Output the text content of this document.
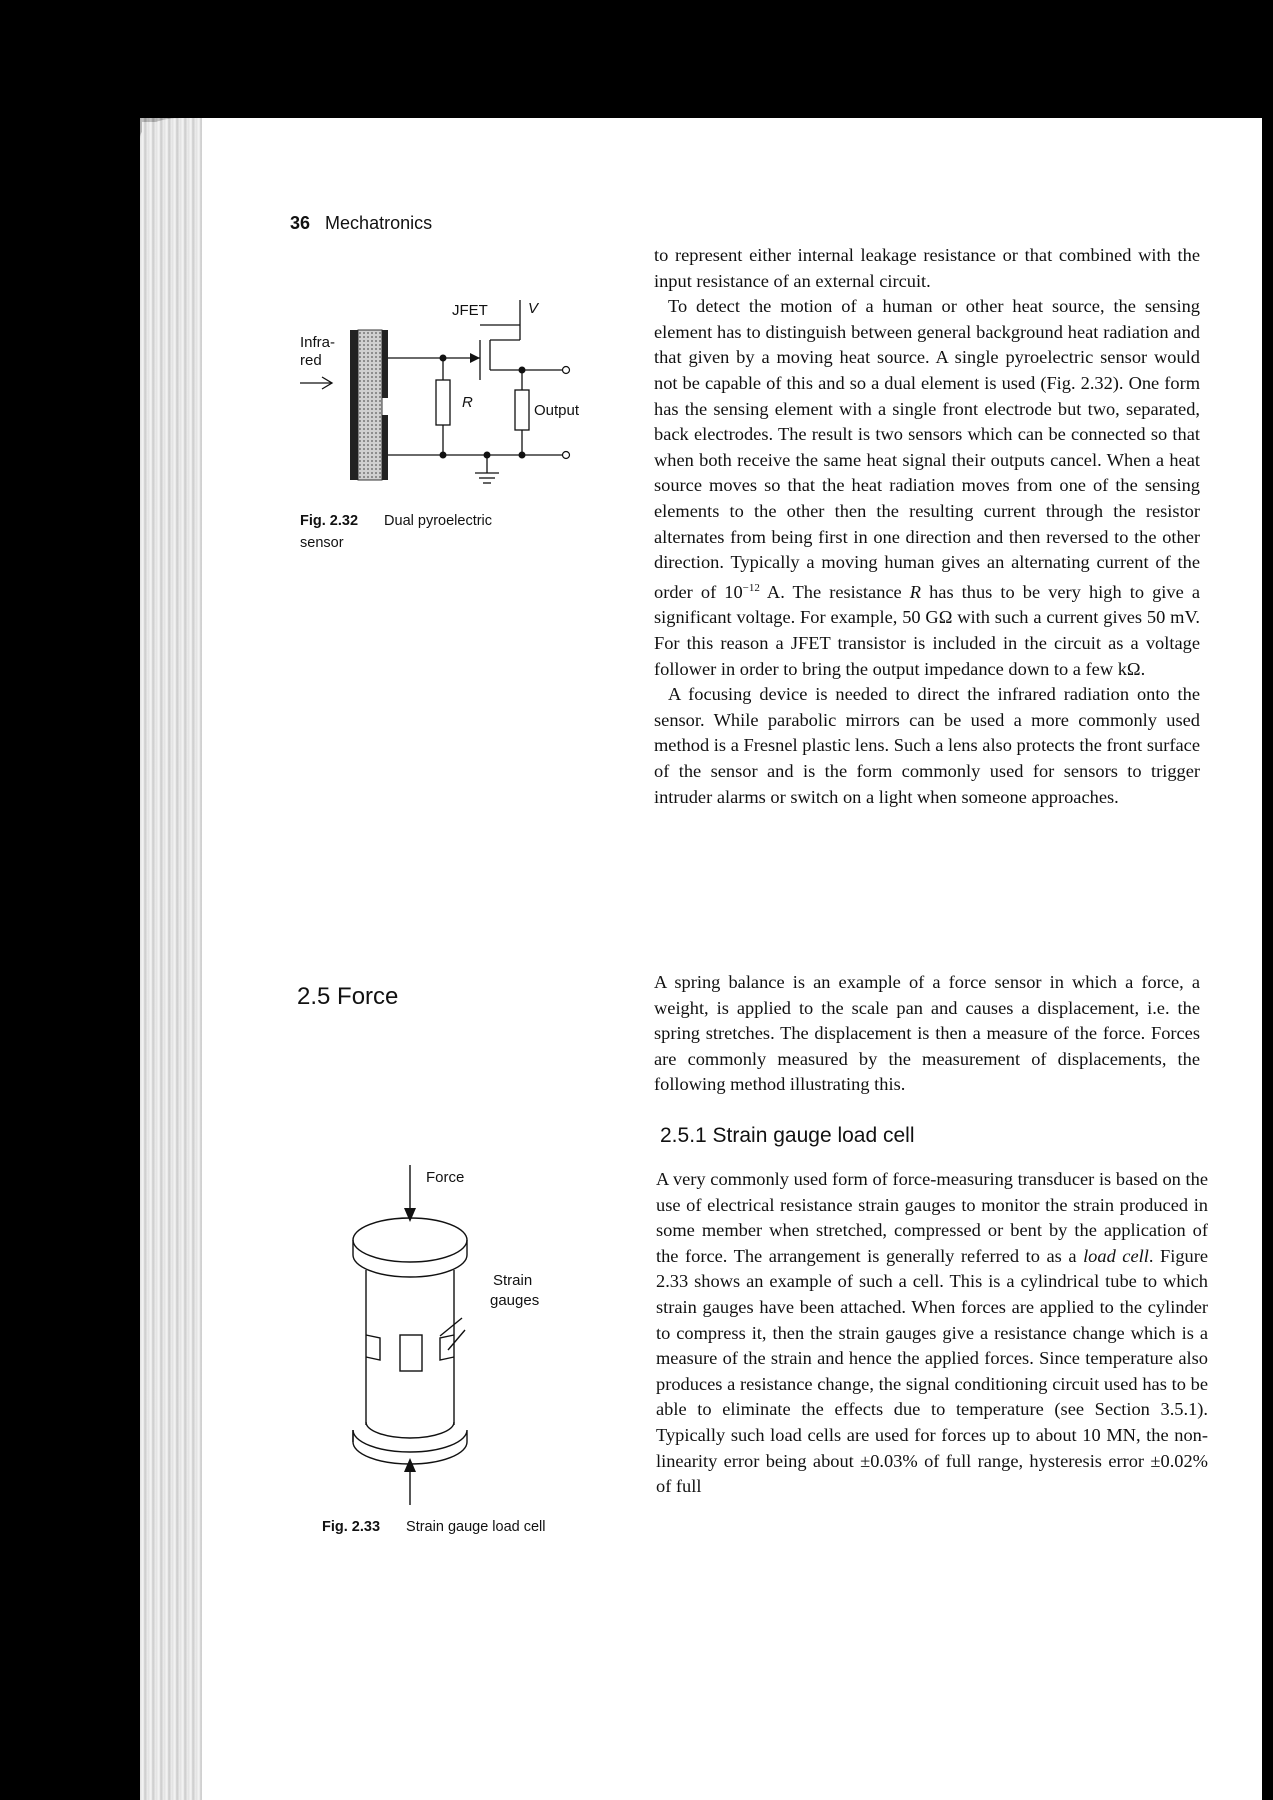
36 Mechatronics
Infra-
red
JFET	V
R	Output
Fig. 2.32 Dual pyroelectric
sensor

to represent either internal leakage resistance or that combined with the input resistance of an external circuit.

To detect the motion of a human or other heat source, the sensing element has to distinguish between general background heat radiation and that given by a moving heat source. A single pyroelectric sensor would not be capable of this and so a dual element is used (Fig. 2.32). One form has the sensing element with a single front electrode but two, separated, back electrodes. The result is two sensors which can be connected so that when both receive the same heat signal their outputs cancel. When a heat source moves so that the heat radiation moves from one of the sensing elements to the other then the resulting current through the resistor alternates from being first in one direction and then reversed to the other direction. Typically a moving human gives an alternating current of the order of $10^{-12}$ A. The resistance R has thus to be very high to give a significant voltage. For example, 50 GΩ with such a current gives 50 mV. For this reason a JFET transistor is included in the circuit as a voltage follower in order to bring the output impedance down to a few kΩ.

A focusing device is needed to direct the infrared radiation onto the sensor. While parabolic mirrors can be used a more commonly used method is a Fresnel plastic lens. Such a lens also protects the front surface of the sensor and is the form commonly used for sensors to trigger intruder alarms or switch on a light when someone approaches.

2.5 Force

A spring balance is an example of a force sensor in which a force, a weight, is applied to the scale pan and causes a displacement, i.e. the spring stretches. The displacement is then a measure of the force. Forces are commonly measured by the measurement of displacements, the following method illustrating this.

2.5.1 Strain gauge load cell

A very commonly used form of force-measuring transducer is based on the use of electrical resistance strain gauges to monitor the strain produced in some member when stretched, compressed or bent by the application of the force. The arrangement is generally referred to as a load cell. Figure 2.33 shows an example of such a cell. This is a cylindrical tube to which strain gauges have been attached. When forces are applied to the cylinder to compress it, then the strain gauges give a resistance change which is a measure of the strain and hence the applied forces. Since temperature also produces a resistance change, the signal conditioning circuit used has to be able to eliminate the effects due to temperature (see Section 3.5.1). Typically such load cells are used for forces up to about 10 MN, the non-linearity error being about ±0.03% of full range, hysteresis error ±0.02% of full

Force
Strain
gauges
Fig. 2.33 Strain gauge load cell
